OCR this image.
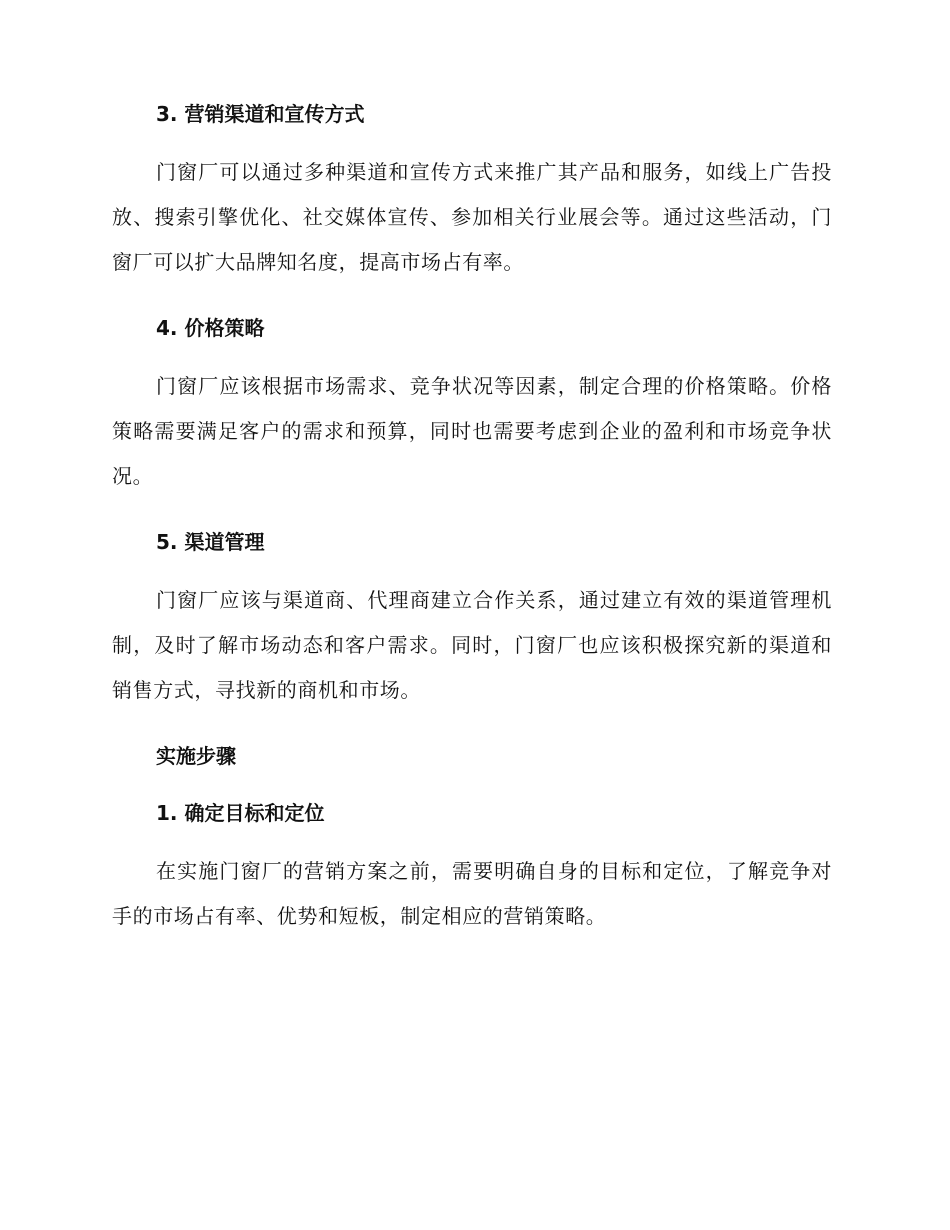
3. 营销渠道和宣传方式

门窗厂可以通过多种渠道和宣传方式来推广其产品和服务，如线上广告投放、搜索引擎优化、社交媒体宣传、参加相关行业展会等。通过这些活动，门窗厂可以扩大品牌知名度，提高市场占有率。

4. 价格策略

门窗厂应该根据市场需求、竞争状况等因素，制定合理的价格策略。价格策略需要满足客户的需求和预算，同时也需要考虑到企业的盈利和市场竞争状况。

5. 渠道管理

门窗厂应该与渠道商、代理商建立合作关系，通过建立有效的渠道管理机制，及时了解市场动态和客户需求。同时，门窗厂也应该积极探究新的渠道和销售方式，寻找新的商机和市场。

实施步骤
1. 确定目标和定位

在实施门窗厂的营销方案之前，需要明确自身的目标和定位，了解竞争对手的市场占有率、优势和短板，制定相应的营销策略。
